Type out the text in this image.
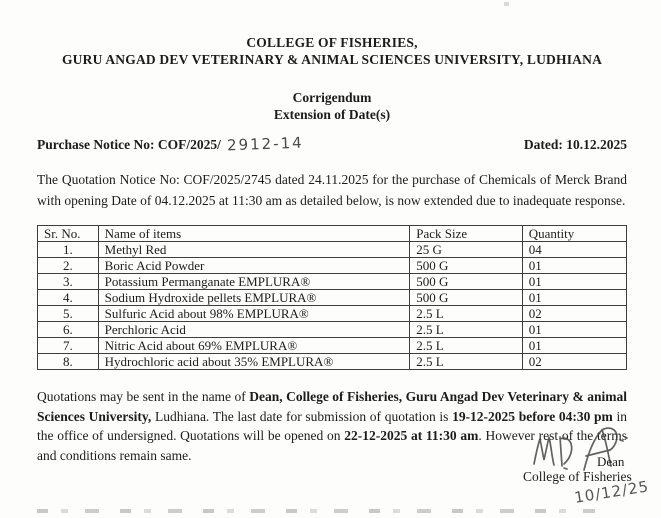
COLLEGE OF FISHERIES,
GURU ANGAD DEV VETERINARY & ANIMAL SCIENCES UNIVERSITY, LUDHIANA
Corrigendum
Extension of Date(s)
Purchase Notice No: COF/2025/ 2912-14	Dated: 10.12.2025

The Quotation Notice No: COF/2025/2745 dated 24.11.2025 for the purchase of Chemicals of Merck Brand with opening Date of 04.12.2025 at 11:30 am as detailed below, is now extended due to inadequate response.

Sr. No.	Name of items	Pack Size	Quantity
1.	Methyl Red	25 G	04
2.	Boric Acid Powder	500 G	01
3.	Potassium Permanganate EMPLURA®	500 G	01
4.	Sodium Hydroxide pellets EMPLURA®	500 G	01
5.	Sulfuric Acid about 98% EMPLURA®	2.5 L	02
6.	Perchloric Acid	2.5 L	01
7.	Nitric Acid about 69% EMPLURA®	2.5 L	01
8.	Hydrochloric acid about 35% EMPLURA®	2.5 L	02

Quotations may be sent in the name of Dean, College of Fisheries, Guru Angad Dev Veterinary & animal Sciences University, Ludhiana. The last date for submission of quotation is 19-12-2025 before 04:30 pm in the office of undersigned. Quotations will be opened on 22-12-2025 at 11:30 am. However rest of the terms and conditions remain same.	Dean
College of Fisheries
10/12/25
